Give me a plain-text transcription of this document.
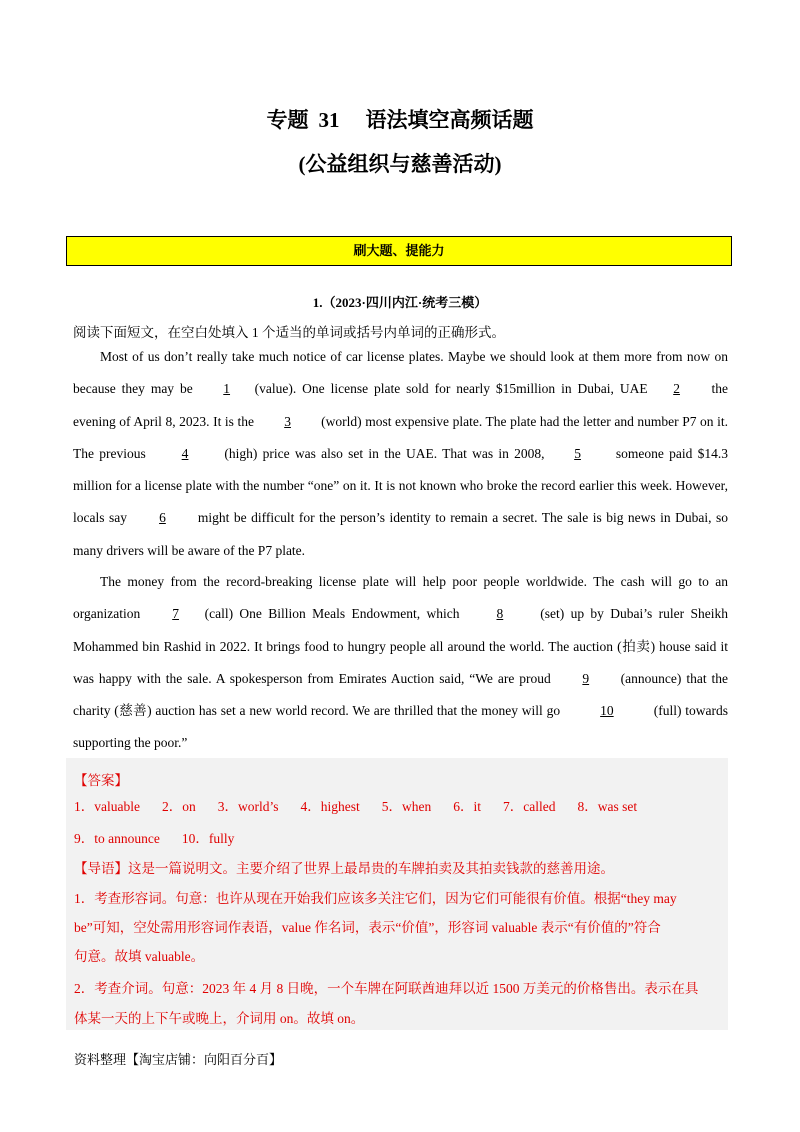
专题 31 语法填空高频话题
(公益组织与慈善活动)
刷大题、提能力
1.（2023·四川内江·统考三模）
阅读下面短文，在空白处填入 1 个适当的单词或括号内单词的正确形式。

Most of us don’t really take much notice of car license plates. Maybe we should look at them more from now on because they may be 1 (value). One license plate sold for nearly $15million in Dubai, UAE 2 the evening of April 8, 2023. It is the 3 (world) most expensive plate. The plate had the letter and number P7 on it. The previous 4 (high) price was also set in the UAE. That was in 2008, 5 someone paid $14.3 million for a license plate with the number “one” on it. It is not known who broke the record earlier this week. However, locals say 6 might be difficult for the person’s identity to remain a secret. The sale is big news in Dubai, so many drivers will be aware of the P7 plate.

The money from the record-breaking license plate will help poor people worldwide. The cash will go to an organization 7 (call) One Billion Meals Endowment, which 8 (set) up by Dubai’s ruler Sheikh Mohammed bin Rashid in 2022. It brings food to hungry people all around the world. The auction (拍卖) house said it was happy with the sale. A spokesperson from Emirates Auction said, “We are proud 9 (announce) that the charity (慈善) auction has set a new world record. We are thrilled that the money will go	10	(full) towards supporting the poor.”

【答案】
1．valuable 2．on 3．world’s 4．highest 5．when 6．it 7．called 8．was set
9．to announce 10．fully
【导语】这是一篇说明文。主要介绍了世界上最昂贵的车牌拍卖及其拍卖钱款的慈善用途。
1．考查形容词。句意：也许从现在开始我们应该多关注它们，因为它们可能很有价值。根据“they may
be”可知，空处需用形容词作表语，value 作名词，表示“价值”，形容词 valuable 表示“有价值的”符合
句意。故填 valuable。
2．考查介词。句意：2023 年 4 月 8 日晚，一个车牌在阿联酋迪拜以近 1500 万美元的价格售出。表示在具
体某一天的上下午或晚上，介词用 on。故填 on。
资料整理【淘宝店铺：向阳百分百】
